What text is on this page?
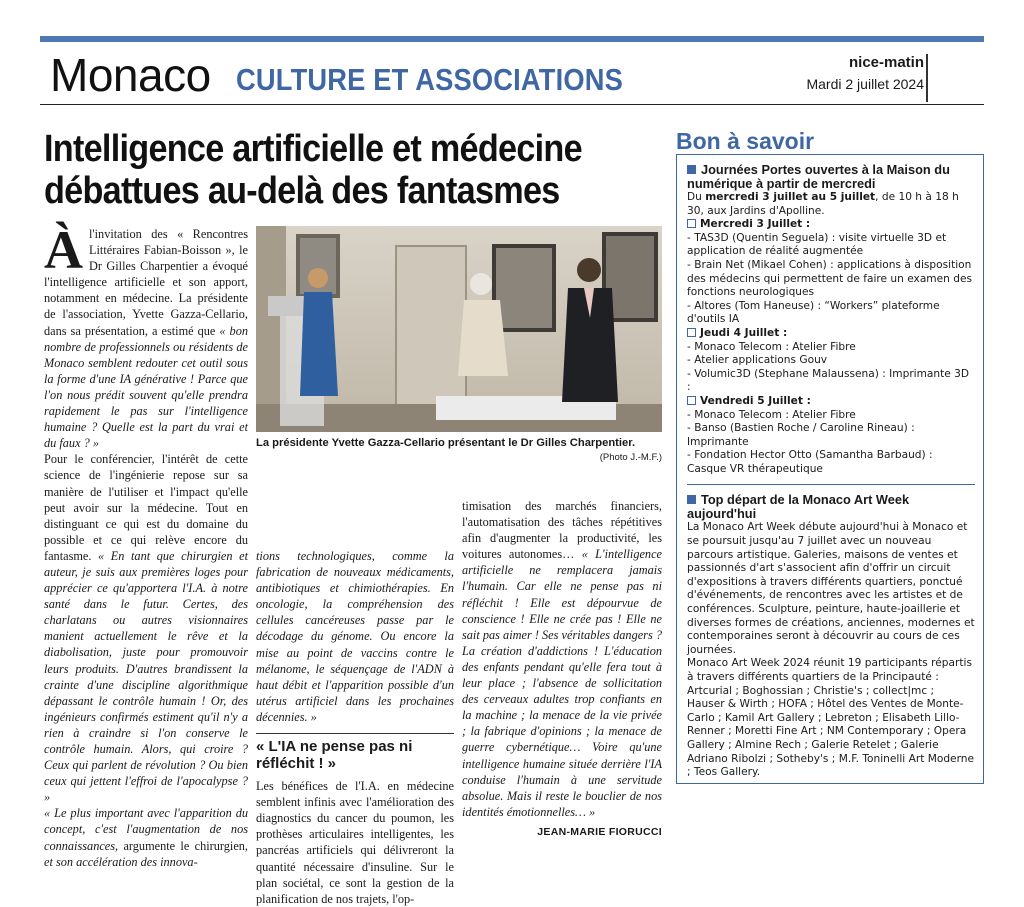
Monaco CULTURE ET ASSOCIATIONS	nice-matin
Mardi 2 juillet 2024
Intelligence artificielle et médecine
débattues au-delà des fantasmes

Àl'invitation des « Rencontres Littéraires Fabian-Boisson », le Dr Gilles Charpentier a évoqué l'intelligence artificielle et son apport, notamment en médecine. La présidente de l'association, Yvette Gazza-Cellario, dans sa présentation, a estimé que « bon nombre de professionnels ou résidents de Monaco semblent redouter cet outil sous la forme d'une IA générative ! Parce que l'on nous prédit souvent qu'elle prendra rapidement le pas sur l'intelligence humaine ? Quelle est la part du vrai et du faux ? »

Pour le conférencier, l'intérêt de cette science de l'ingénierie repose sur sa manière de l'utiliser et l'impact qu'elle peut avoir sur la médecine. Tout en distinguant ce qui est du domaine du possible et ce qui relève encore du fantasme. « En tant que chirurgien et auteur, je suis aux premières loges pour apprécier ce qu'apportera l'I.A. à notre santé dans le futur. Certes, des charlatans ou autres visionnaires manient actuellement le rêve et la diabolisation, juste pour promouvoir leurs produits. D'autres brandissent la crainte d'une discipline algorithmique dépassant le contrôle humain ! Or, des ingénieurs confirmés estiment qu'il n'y a rien à craindre si l'on conserve le contrôle humain. Alors, qui croire ? Ceux qui parlent de révolution ? Ou bien ceux qui jettent l'effroi de l'apocalypse ? »

« Le plus important avec l'apparition du concept, c'est l'augmentation de nos connaissances, argumente le chirurgien, et son accélération des innova-

La présidente Yvette Gazza-Cellario présentant le Dr Gilles Charpentier.
(Photo J.-M.F.)

tions technologiques, comme la fabrication de nouveaux médicaments, antibiotiques et chimiothérapies. En oncologie, la compréhension des cellules cancéreuses passe par le décodage du génome. Ou encore la mise au point de vaccins contre le mélanome, le séquençage de l'ADN à haut débit et l'apparition possible d'un utérus artificiel dans les prochaines décennies. »

« L'IA ne pense pas ni réfléchit ! »

Les bénéfices de l'I.A. en médecine semblent infinis avec l'amélioration des diagnostics du cancer du poumon, les prothèses articulaires intelligentes, les pancréas artificiels qui délivreront la quantité nécessaire d'insuline. Sur le plan sociétal, ce sont la gestion de la planification de nos trajets, l'op-

timisation des marchés financiers, l'automatisation des tâches répétitives afin d'augmenter la productivité, les voitures autonomes… « L'intelligence artificielle ne remplacera jamais l'humain. Car elle ne pense pas ni réfléchit ! Elle est dépourvue de conscience ! Elle ne crée pas ! Elle ne sait pas aimer ! Ses véritables dangers ? La création d'addictions ! L'éducation des enfants pendant qu'elle fera tout à leur place ; l'absence de sollicitation des cerveaux adultes trop confiants en la machine ; la menace de la vie privée ; la fabrique d'opinions ; la menace de guerre cybernétique… Voire qu'une intelligence humaine située derrière l'IA conduise l'humain à une servitude absolue. Mais il reste le bouclier de nos identités émotionnelles… »

JEAN-MARIE FIORUCCI
Bon à savoir
Journées Portes ouvertes à la Maison du numérique à partir de mercredi

Du mercredi 3 juillet au 5 juillet, de 10 h à 18 h 30, aux Jardins d'Apolline.

Mercredi 3 Juillet :

- TAS3D (Quentin Seguela) : visite virtuelle 3D et application de réalité augmentée

- Brain Net (Mikael Cohen) : applications à disposition des médecins qui permettent de faire un examen des fonctions neurologiques

- Altores (Tom Haneuse) : “Workers” plateforme d'outils IA

Jeudi 4 Juillet :

- Monaco Telecom : Atelier Fibre

- Atelier applications Gouv

- Volumic3D (Stephane Malaussena) : Imprimante 3D :

Vendredi 5 Juillet :

- Monaco Telecom : Atelier Fibre

- Banso (Bastien Roche / Caroline Rineau) : Imprimante

- Fondation Hector Otto (Samantha Barbaud) : Casque VR thérapeutique

Top départ de la Monaco Art Week aujourd'hui

La Monaco Art Week débute aujourd'hui à Monaco et se poursuit jusqu'au 7 juillet avec un nouveau parcours artistique. Galeries, maisons de ventes et passionnés d'art s'associent afin d'offrir un circuit d'expositions à travers différents quartiers, ponctué d'événements, de rencontres avec les artistes et de conférences. Sculpture, peinture, haute-joaillerie et diverses formes de créations, anciennes, modernes et contemporaines seront à découvrir au cours de ces journées.

Monaco Art Week 2024 réunit 19 participants répartis à travers différents quartiers de la Principauté : Artcurial ; Boghossian ; Christie's ; collect|mc ; Hauser & Wirth ; HOFA ; Hôtel des Ventes de Monte-Carlo ; Kamil Art Gallery ; Lebreton ; Elisabeth Lillo-Renner ; Moretti Fine Art ; NM Contemporary ; Opera Gallery ; Almine Rech ; Galerie Retelet ; Galerie Adriano Ribolzi ; Sotheby's ; M.F. Toninelli Art Moderne ; Teos Gallery.
